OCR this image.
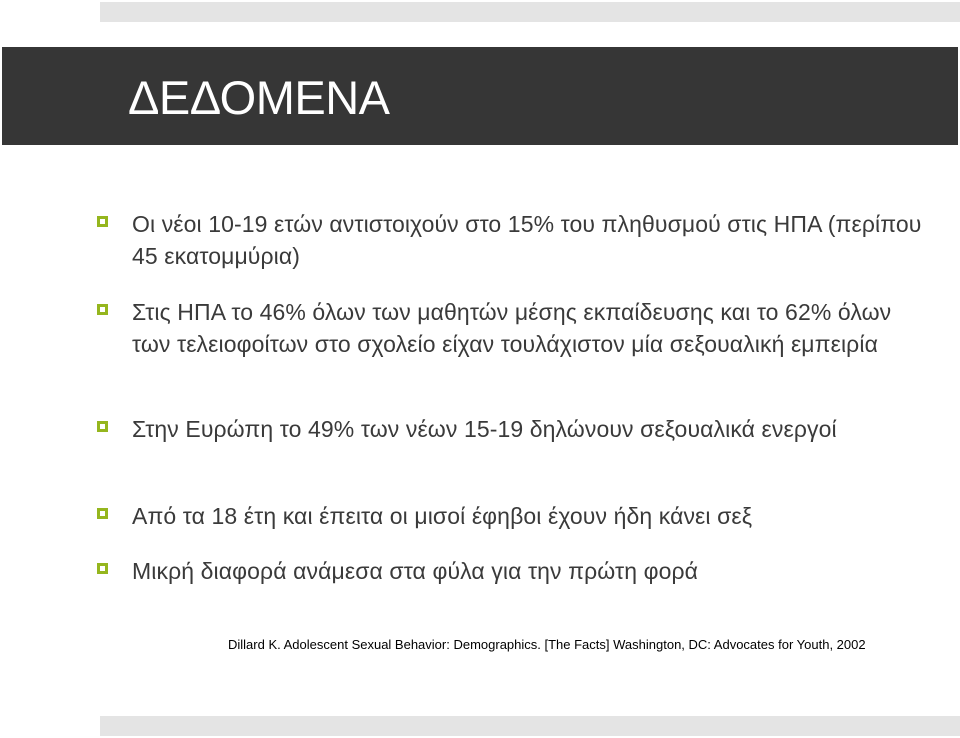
ΔΕΔΟΜΕΝΑ

Οι νέοι 10-19 ετών αντιστοιχούν στο 15% του πληθυσμού στις ΗΠΑ (περίπου 45 εκατομμύρια)

Στις ΗΠΑ το 46% όλων των μαθητών μέσης εκπαίδευσης και το 62% όλων των τελειοφοίτων στο σχολείο είχαν τουλάχιστον μία σεξουαλική εμπειρία

Στην Ευρώπη το 49% των νέων 15-19 δηλώνουν σεξουαλικά ενεργοί

Από τα 18 έτη και έπειτα οι μισοί έφηβοι έχουν ήδη κάνει σεξ

Μικρή διαφορά ανάμεσα στα φύλα για την πρώτη φορά

Dillard K. Adolescent Sexual Behavior: Demographics. [The Facts] Washington, DC: Advocates for Youth, 2002
